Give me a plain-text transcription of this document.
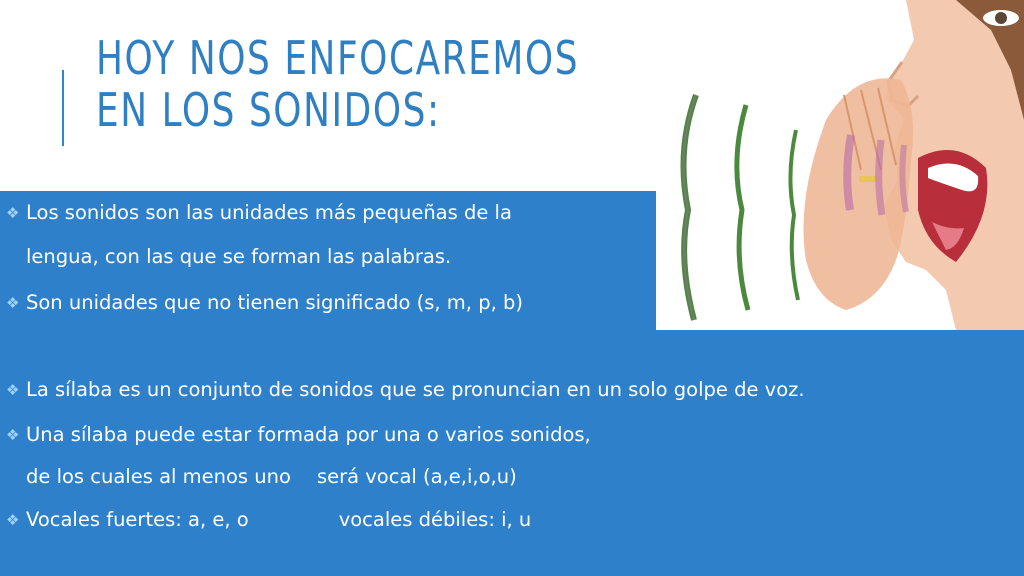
HOY NOS ENFOCAREMOS
EN LOS SONIDOS:
❖ Los sonidos son las unidades más pequeñas de la
lengua, con las que se forman las palabras.
❖ Son unidades que no tienen significado (s, m, p, b)
❖ La sílaba es un conjunto de sonidos que se pronuncian en un solo golpe de voz.
❖ Una sílaba puede estar formada por una o varios sonidos,
de los cuales al menos uno será vocal (a,e,i,o,u)
❖ Vocales fuertes: a, e, o	vocales débiles: i, u
